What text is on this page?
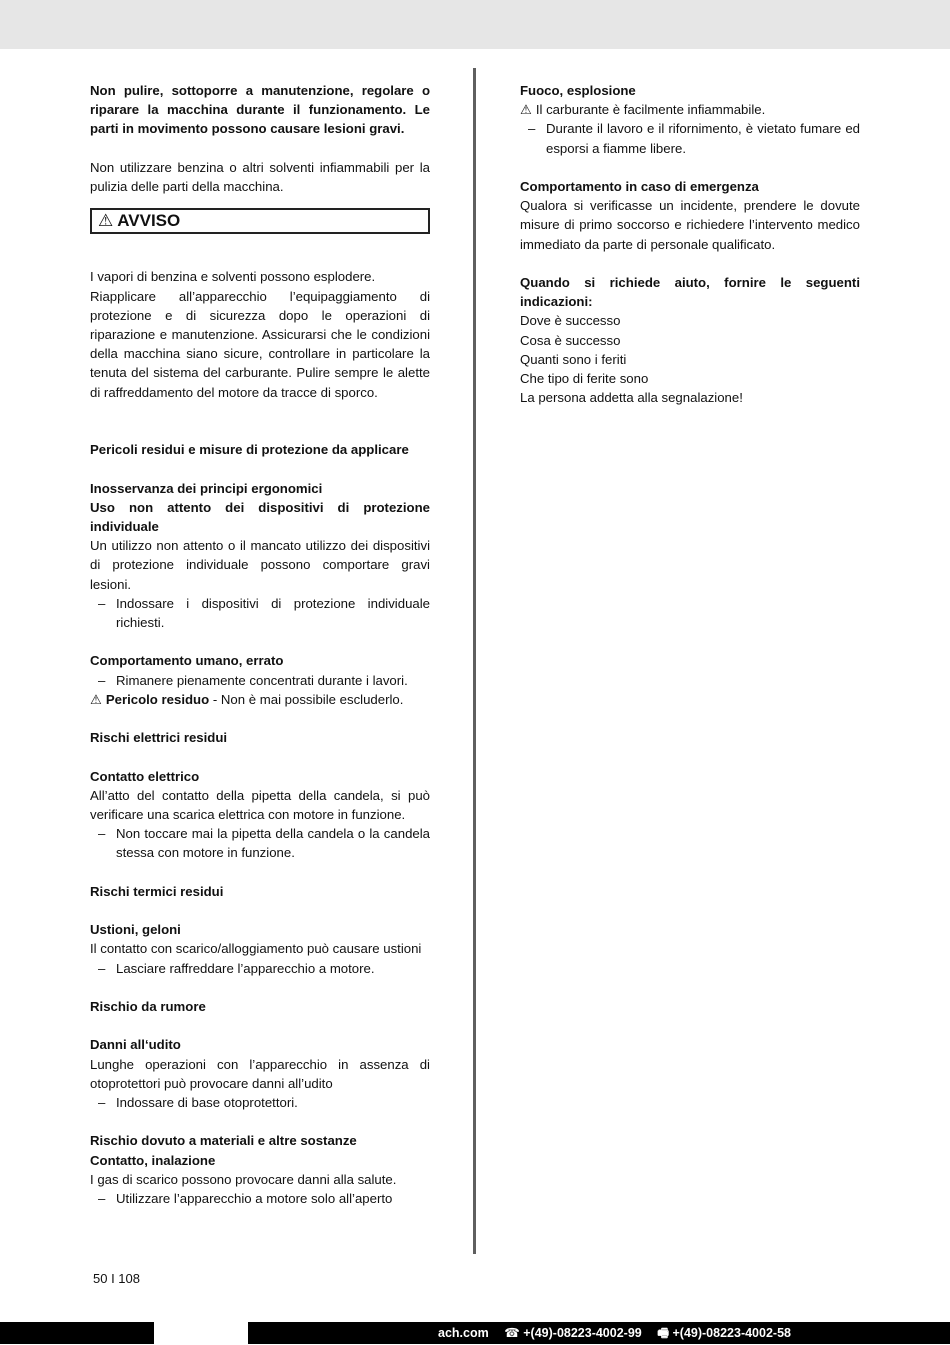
Non pulire, sottoporre a manutenzione, regolare o riparare la macchina durante il funzionamento. Le parti in movimento possono causare lesioni gravi.

Non utilizzare benzina o altri solventi infiammabili per la pulizia delle parti della macchina.

⚠ AVVISO

I vapori di benzina e solventi possono esplodere.

Riapplicare all’apparecchio l’equipaggiamento di protezione e di sicurezza dopo le operazioni di riparazione e manutenzione. Assicurarsi che le condizioni della macchina siano sicure, controllare in particolare la tenuta del sistema del carburante. Pulire sempre le alette di raffreddamento del motore da tracce di sporco.

Pericoli residui e misure di protezione da applicare

Inosservanza dei principi ergonomici

Uso non attento dei dispositivi di protezione individuale

Un utilizzo non attento o il mancato utilizzo dei dispositivi di protezione individuale possono comportare gravi lesioni.

– Indossare i dispositivi di protezione individuale richiesti.

Comportamento umano, errato

– Rimanere pienamente concentrati durante i lavori.

⚠ Pericolo residuo - Non è mai possibile escluderlo.

Rischi elettrici residui

Contatto elettrico

All’atto del contatto della pipetta della candela, si può verificare una scarica elettrica con motore in funzione.

– Non toccare mai la pipetta della candela o la candela stessa con motore in funzione.

Rischi termici residui

Ustioni, geloni

Il contatto con scarico/alloggiamento può causare ustioni

– Lasciare raffreddare l’apparecchio a motore.

Rischio da rumore

Danni all‘udito

Lunghe operazioni con l’apparecchio in assenza di otoprotettori può provocare danni all’udito

– Indossare di base otoprotettori.

Rischio dovuto a materiali e altre sostanze

Contatto, inalazione

I gas di scarico possono provocare danni alla salute.

– Utilizzare l’apparecchio a motore solo all’aperto

Fuoco, esplosione

⚠ Il carburante è facilmente infiammabile.

– Durante il lavoro e il rifornimento, è vietato fumare ed esporsi a fiamme libere.

Comportamento in caso di emergenza

Qualora si verificasse un incidente, prendere le dovute misure di primo soccorso e richiedere l’intervento medico immediato da parte di personale qualificato.

Quando si richiede aiuto, fornire le seguenti indicazioni:

Dove è successo

Cosa è successo

Quanti sono i feriti

Che tipo di ferite sono

La persona addetta alla segnalazione!

50 I 108
ach.com ☎ +(49)-08223-4002-99 🖷 +(49)-08223-4002-58
